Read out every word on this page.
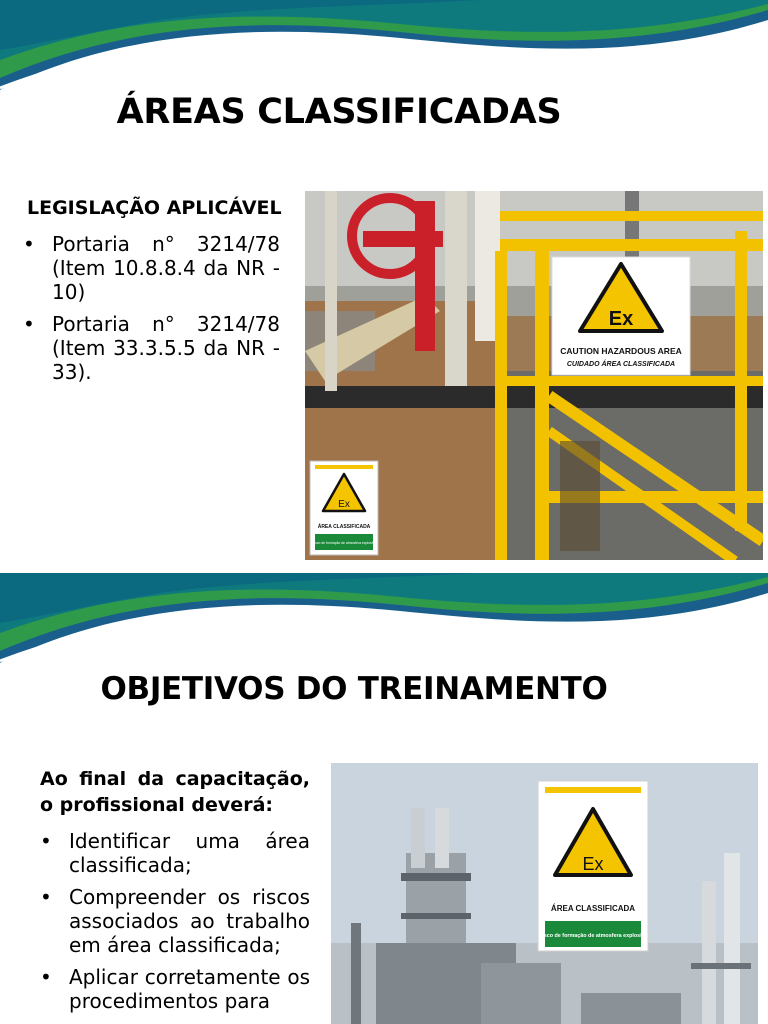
ÁREAS CLASSIFICADAS

LEGISLAÇÃO APLICÁVEL

• Portaria n° 3214/78 (Item 10.8.8.4 da NR - 10)
• Portaria n° 3214/78 (Item 33.3.5.5 da NR - 33).
Ex
CAUTION HAZARDOUS AREA
CUIDADO ÁREA CLASSIFICADA
Ex
ÁREA CLASSIFICADA
Risco de formação de atmosfera explosiva
OBJETIVOS DO TREINAMENTO

Ao final da capacitação, o profissional deverá:

• Identificar uma área classificada;
• Compreender os riscos associados ao trabalho em área classificada;
• Aplicar corretamente os procedimentos para
Ex
ÁREA CLASSIFICADA
Risco de formação de atmosfera explosiva
